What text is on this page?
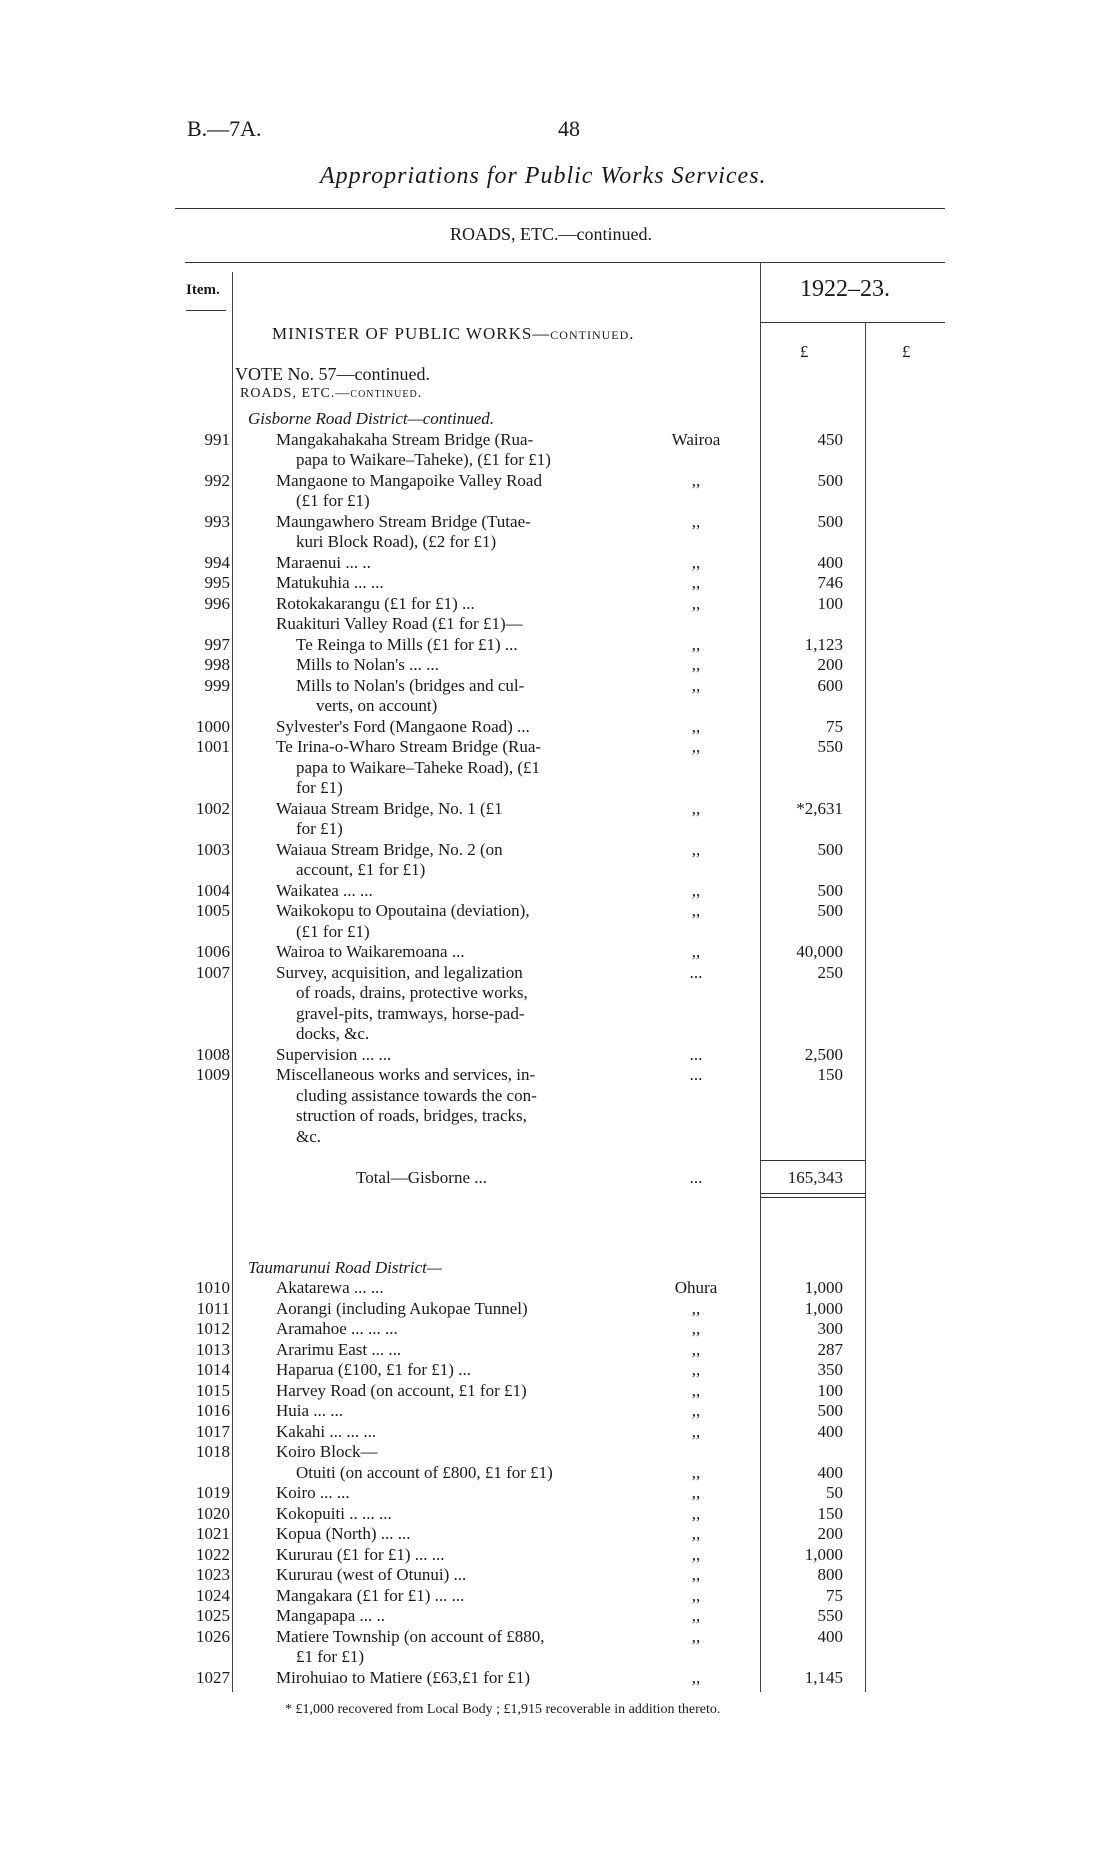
B.—7A.	48
Appropriations for Public Works Services.
ROADS, ETC.—continued.
Item.	1922–23.
£	£
MINISTER OF PUBLIC WORKS—continued.
VOTE No. 57—continued.
ROADS, ETC.—continued.
Gisborne Road District—continued.
991	Mangakahakaha Stream Bridge (Rua-	Wairoa	450
papa to Waikare–Taheke), (£1 for £1)
992	Mangaone to Mangapoike Valley Road	,,	500
(£1 for £1)
993	Maungawhero Stream Bridge (Tutae-	,,	500
kuri Block Road), (£2 for £1)
994	Maraenui ... ..	,,	400
995	Matukuhia ... ...	,,	746
996	Rotokakarangu (£1 for £1) ...	,,	100
Ruakituri Valley Road (£1 for £1)—
997	Te Reinga to Mills (£1 for £1) ...	,,	1,123
998	Mills to Nolan's ... ...	,,	200
999	Mills to Nolan's (bridges and cul-	,,	600
verts, on account)
1000	Sylvester's Ford (Mangaone Road) ...	,,	75
1001	Te Irina-o-Wharo Stream Bridge (Rua-	,,	550
papa to Waikare–Taheke Road), (£1
for £1)
1002	Waiaua Stream Bridge, No. 1 (£1	,,	*2,631
for £1)
1003	Waiaua Stream Bridge, No. 2 (on	,,	500
account, £1 for £1)
1004	Waikatea ... ...	,,	500
1005	Waikokopu to Opoutaina (deviation),	,,	500
(£1 for £1)
1006	Wairoa to Waikaremoana ...	,,	40,000
1007	Survey, acquisition, and legalization	...	250
of roads, drains, protective works,
gravel-pits, tramways, horse-pad-
docks, &c.
1008	Supervision ... ...	...	2,500
1009	Miscellaneous works and services, in-	...	150
cluding assistance towards the con-
struction of roads, bridges, tracks,
&c.
Total—Gisborne ...	...	165,343
Taumarunui Road District—
1010	Akatarewa ... ...	Ohura	1,000
1011	Aorangi (including Aukopae Tunnel)	,,	1,000
1012	Aramahoe ... ... ...	,,	300
1013	Ararimu East ... ...	,,	287
1014	Haparua (£100, £1 for £1) ...	,,	350
1015	Harvey Road (on account, £1 for £1)	,,	100
1016	Huia ... ...	,,	500
1017	Kakahi ... ... ...	,,	400
1018	Koiro Block—
Otuiti (on account of £800, £1 for £1)	,,	400
1019	Koiro ... ...	,,	50
1020	Kokopuiti .. ... ...	,,	150
1021	Kopua (North) ... ...	,,	200
1022	Kururau (£1 for £1) ... ...	,,	1,000
1023	Kururau (west of Otunui) ...	,,	800
1024	Mangakara (£1 for £1) ... ...	,,	75
1025	Mangapapa ... ..	,,	550
1026	Matiere Township (on account of £880,	,,	400
£1 for £1)
1027	Mirohuiao to Matiere (£63,£1 for £1)	,,	1,145
* £1,000 recovered from Local Body ; £1,915 recoverable in addition thereto.
